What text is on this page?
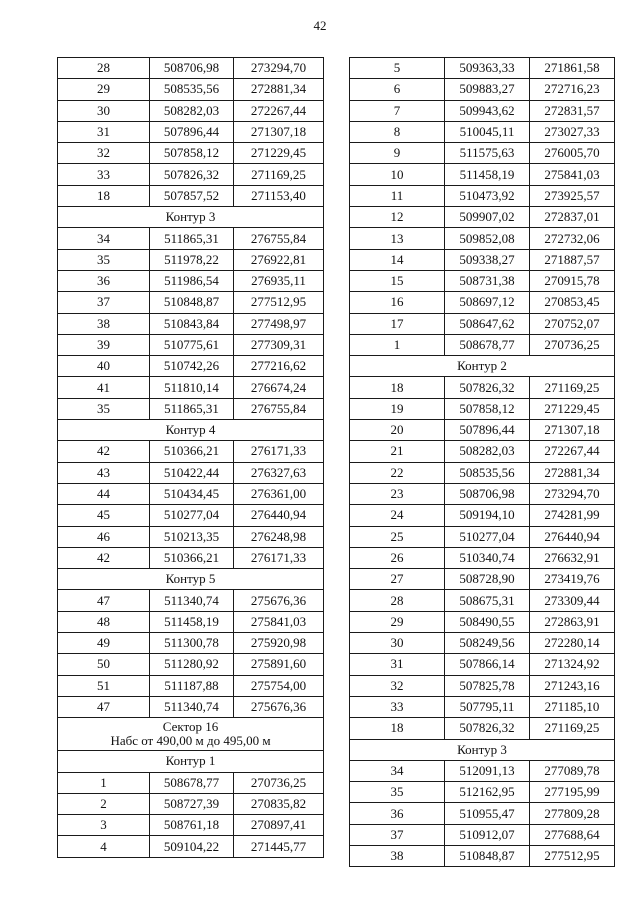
42
28	508706,98	273294,70
29	508535,56	272881,34
30	508282,03	272267,44
31	507896,44	271307,18
32	507858,12	271229,45
33	507826,32	271169,25
18	507857,52	271153,40
Контур 3		
34	511865,31	276755,84
35	511978,22	276922,81
36	511986,54	276935,11
37	510848,87	277512,95
38	510843,84	277498,97
39	510775,61	277309,31
40	510742,26	277216,62
41	511810,14	276674,24
35	511865,31	276755,84
Контур 4		
42	510366,21	276171,33
43	510422,44	276327,63
44	510434,45	276361,00
45	510277,04	276440,94
46	510213,35	276248,98
42	510366,21	276171,33
Контур 5		
47	511340,74	275676,36
48	511458,19	275841,03
49	511300,78	275920,98
50	511280,92	275891,60
51	511187,88	275754,00
47	511340,74	275676,36

Сектор 16
Набс от 490,00 м до 495,00 м		

Контур 1		
1	508678,77	270736,25
2	508727,39	270835,82
3	508761,18	270897,41
4	509104,22	271445,77
5	509363,33	271861,58
6	509883,27	272716,23
7	509943,62	272831,57
8	510045,11	273027,33
9	511575,63	276005,70
10	511458,19	275841,03
11	510473,92	273925,57
12	509907,02	272837,01
13	509852,08	272732,06
14	509338,27	271887,57
15	508731,38	270915,78
16	508697,12	270853,45
17	508647,62	270752,07
1	508678,77	270736,25
Контур 2		
18	507826,32	271169,25
19	507858,12	271229,45
20	507896,44	271307,18
21	508282,03	272267,44
22	508535,56	272881,34
23	508706,98	273294,70
24	509194,10	274281,99
25	510277,04	276440,94
26	510340,74	276632,91
27	508728,90	273419,76
28	508675,31	273309,44
29	508490,55	272863,91
30	508249,56	272280,14
31	507866,14	271324,92
32	507825,78	271243,16
33	507795,11	271185,10
18	507826,32	271169,25
Контур 3		
34	512091,13	277089,78
35	512162,95	277195,99
36	510955,47	277809,28
37	510912,07	277688,64
38	510848,87	277512,95
